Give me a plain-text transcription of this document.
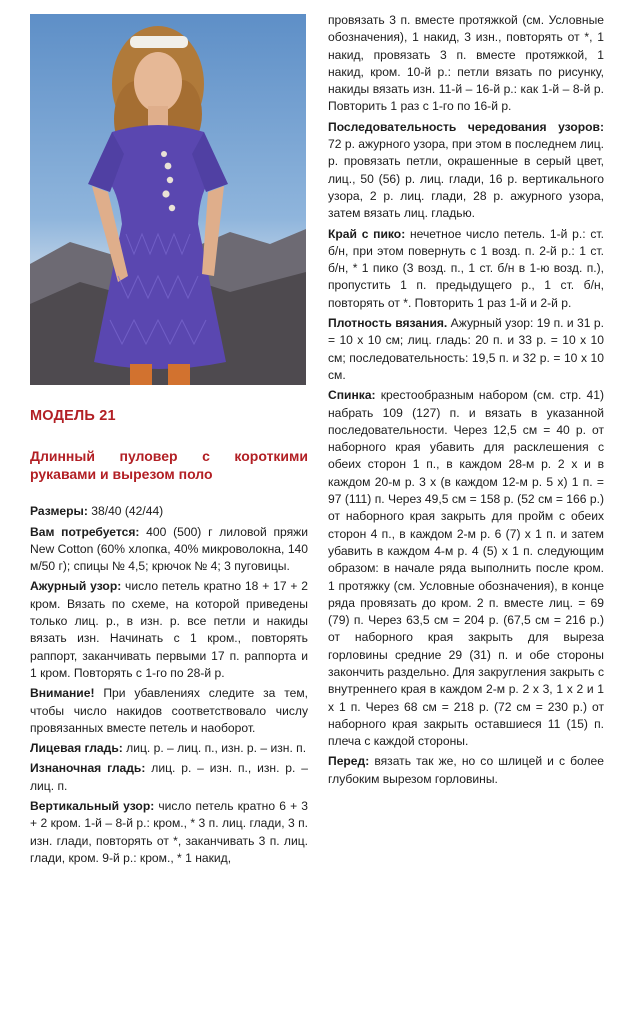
МОДЕЛЬ 21
Длинный пуловер с короткими рукавами и вырезом поло
Размеры: 38/40 (42/44)
Вам потребуется: 400 (500) г лиловой пряжи New Cotton (60% хлопка, 40% микроволокна, 140 м/50 г); спицы № 4,5; крючок № 4; 3 пуговицы.
Ажурный узор: число петель кратно 18 + 17 + 2 кром. Вязать по схеме, на которой приведены только лиц. р., в изн. р. все петли и накиды вязать изн. Начинать с 1 кром., повторять раппорт, заканчивать первыми 17 п. раппорта и 1 кром. Повторять с 1-го по 28-й р.
Внимание! При убавлениях следите за тем, чтобы число накидов соответствовало числу провязанных вместе петель и наоборот.
Лицевая гладь: лиц. р. – лиц. п., изн. р. – изн. п.
Изнаночная гладь: лиц. р. – изн. п., изн. р. – лиц. п.
Вертикальный узор: число петель кратно 6 + 3 + 2 кром. 1-й – 8-й р.: кром., * 3 п. лиц. глади, 3 п. изн. глади, повторять от *, заканчивать 3 п. лиц. глади, кром. 9-й р.: кром., * 1 накид,
провязать 3 п. вместе протяжкой (см. Условные обозначения), 1 накид, 3 изн., повторять от *, 1 накид, провязать 3 п. вместе протяжкой, 1 накид, кром. 10-й р.: петли вязать по рисунку, накиды вязать изн. 11-й – 16-й р.: как 1-й – 8-й р. Повторить 1 раз с 1-го по 16-й р.
Последовательность чередования узоров: 72 р. ажурного узора, при этом в последнем лиц. р. провязать петли, окрашенные в серый цвет, лиц., 50 (56) р. лиц. глади, 16 р. вертикального узора, 2 р. лиц. глади, 28 р. ажурного узора, затем вязать лиц. гладью.
Край с пико: нечетное число петель. 1-й р.: ст. б/н, при этом повернуть с 1 возд. п. 2-й р.: 1 ст. б/н, * 1 пико (3 возд. п., 1 ст. б/н в 1-ю возд. п.), пропустить 1 п. предыдущего р., 1 ст. б/н, повторять от *. Повторить 1 раз 1-й и 2-й р.
Плотность вязания. Ажурный узор: 19 п. и 31 р. = 10 х 10 см; лиц. гладь: 20 п. и 33 р. = 10 х 10 см; последовательность: 19,5 п. и 32 р. = 10 х 10 см.
Спинка: крестообразным набором (см. стр. 41) набрать 109 (127) п. и вязать в указанной последовательности. Через 12,5 см = 40 р. от наборного края убавить для расклешения с обеих сторон 1 п., в каждом 28-м р. 2 х и в каждом 20-м р. 3 х (в каждом 12-м р. 5 х) 1 п. = 97 (111) п. Через 49,5 см = 158 р. (52 см = 166 р.) от наборного края закрыть для пройм с обеих сторон 4 п., в каждом 2-м р. 6 (7) х 1 п. и затем убавить в каждом 4-м р. 4 (5) х 1 п. следующим образом: в начале ряда выполнить после кром. 1 протяжку (см. Условные обозначения), в конце ряда провязать до кром. 2 п. вместе лиц. = 69 (79) п. Через 63,5 см = 204 р. (67,5 см = 216 р.) от наборного края закрыть для выреза горловины средние 29 (31) п. и обе стороны закончить раздельно. Для закругления закрыть с внутреннего края в каждом 2-м р. 2 х 3, 1 х 2 и 1 х 1 п. Через 68 см = 218 р. (72 см = 230 р.) от наборного края закрыть оставшиеся 11 (15) п. плеча с каждой стороны.
Перед: вязать так же, но со шлицей и с более глубоким вырезом горловины.
